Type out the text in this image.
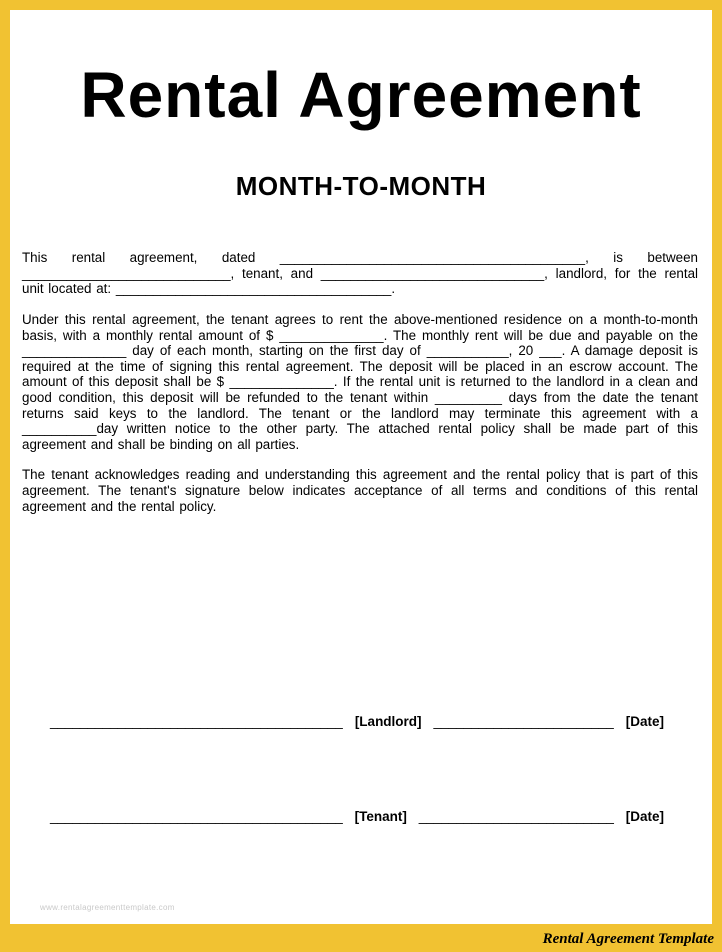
Rental Agreement
MONTH-TO-MONTH

This rental agreement, dated _________________________________________, is between ____________________________, tenant, and ______________________________, landlord, for the rental unit located at: _____________________________________.

Under this rental agreement, the tenant agrees to rent the above-mentioned residence on a month-to-month basis, with a monthly rental amount of $ ______________. The monthly rent will be due and payable on the ______________ day of each month, starting on the first day of ___________, 20 ___. A damage deposit is required at the time of signing this rental agreement. The deposit will be placed in an escrow account. The amount of this deposit shall be $ ______________. If the rental unit is returned to the landlord in a clean and good condition, this deposit will be refunded to the tenant within _________ days from the date the tenant returns said keys to the landlord. The tenant or the landlord may terminate this agreement with a __________day written notice to the other party. The attached rental policy shall be made part of this agreement and shall be binding on all parties.

The tenant acknowledges reading and understanding this agreement and the rental policy that is part of this agreement. The tenant's signature below indicates acceptance of all terms and conditions of this rental agreement and the rental policy.

_______________________________________ [Landlord] ________________________ [Date]
_______________________________________ [Tenant] __________________________ [Date]
www.rentalagreementtemplate.com
Rental Agreement Template
